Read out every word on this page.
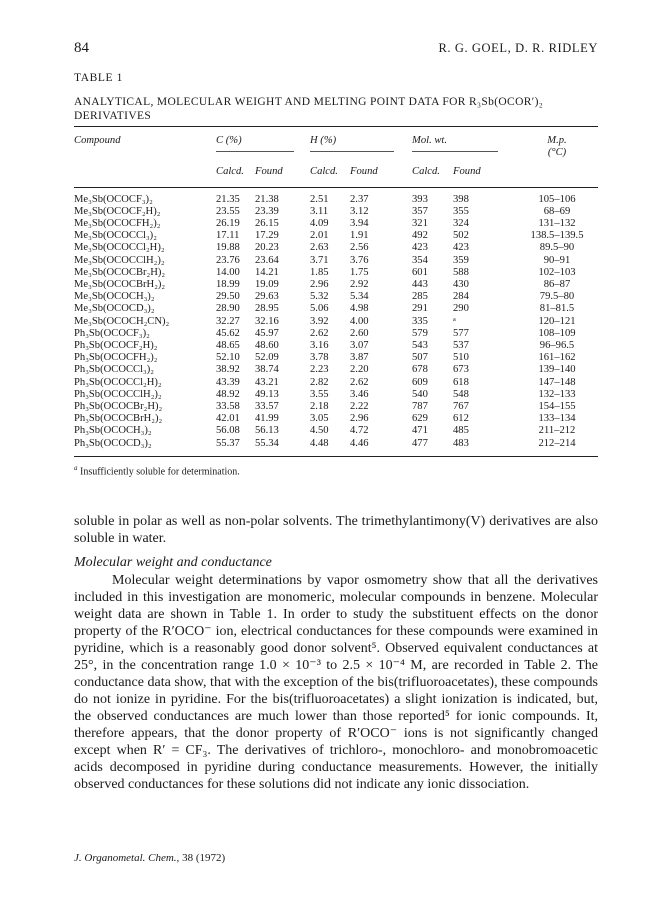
84	R. G. GOEL, D. R. RIDLEY
TABLE 1
ANALYTICAL, MOLECULAR WEIGHT AND MELTING POINT DATA FOR R₃Sb(OCOR′)₂ DERIVATIVES
Compound	C (%)		H (%)		Mol. wt.		M.p.
(°C)

	Calcd.	Found	Calcd.	Found	Calcd.	Found	
Me₃Sb(OCOCF₃)₂	21.35	21.38	2.51	2.37	393	398	105–106
Me₃Sb(OCOCF₂H)₂	23.55	23.39	3.11	3.12	357	355	68–69
Me₃Sb(OCOCFH₂)₂	26.19	26.15	4.09	3.94	321	324	131–132
Me₃Sb(OCOCCl₃)₂	17.11	17.29	2.01	1.91	492	502	138.5–139.5
Me₃Sb(OCOCCl₂H)₂	19.88	20.23	2.63	2.56	423	423	89.5–90
Me₃Sb(OCOCClH₂)₂	23.76	23.64	3.71	3.76	354	359	90–91
Me₃Sb(OCOCBr₂H)₂	14.00	14.21	1.85	1.75	601	588	102–103
Me₃Sb(OCOCBrH₂)₂	18.99	19.09	2.96	2.92	443	430	86–87
Me₃Sb(OCOCH₃)₂	29.50	29.63	5.32	5.34	285	284	79.5–80
Me₃Sb(OCOCD₃)₂	28.90	28.95	5.06	4.98	291	290	81–81.5
Me₃Sb(OCOCH₂CN)₂	32.27	32.16	3.92	4.00	335	ᵃ	120–121
Ph₃Sb(OCOCF₃)₂	45.62	45.97	2.62	2.60	579	577	108–109
Ph₃Sb(OCOCF₂H)₂	48.65	48.60	3.16	3.07	543	537	96–96.5
Ph₃Sb(OCOCFH₂)₂	52.10	52.09	3.78	3.87	507	510	161–162
Ph₃Sb(OCOCCl₃)₂	38.92	38.74	2.23	2.20	678	673	139–140
Ph₃Sb(OCOCCl₂H)₂	43.39	43.21	2.82	2.62	609	618	147–148
Ph₃Sb(OCOCClH₂)₂	48.92	49.13	3.55	3.46	540	548	132–133
Ph₃Sb(OCOCBr₂H)₂	33.58	33.57	2.18	2.22	787	767	154–155
Ph₃Sb(OCOCBrH₂)₂	42.01	41.99	3.05	2.96	629	612	133–134
Ph₃Sb(OCOCH₃)₂	56.08	56.13	4.50	4.72	471	485	211–212
Ph₃Sb(OCOCD₃)₂	55.37	55.34	4.48	4.46	477	483	212–214
$^a$ Insufficiently soluble for determination.
soluble in polar as well as non-polar solvents. The trimethylantimony(V) derivatives are also soluble in water.
Molecular weight and conductance
Molecular weight determinations by vapor osmometry show that all the derivatives included in this investigation are monomeric, molecular compounds in benzene. Molecular weight data are shown in Table 1. In order to study the substituent effects on the donor property of the R′OCO⁻ ion, electrical conductances for these compounds were examined in pyridine, which is a reasonably good donor solvent⁵. Observed equivalent conductances at 25°, in the concentration range 1.0 × 10⁻³ to 2.5 × 10⁻⁴ M, are recorded in Table 2. The conductance data show, that with the exception of the bis(trifluoroacetates), these compounds do not ionize in pyridine. For the bis(trifluoroacetates) a slight ionization is indicated, but, the observed conductances are much lower than those reported⁵ for ionic compounds. It, therefore appears, that the donor property of R′OCO⁻ ions is not significantly changed except when R′ = CF₃. The derivatives of trichloro-, monochloro- and monobromoacetic acids decomposed in pyridine during conductance measurements. However, the initially observed conductances for these solutions did not indicate any ionic dissociation.
J. Organometal. Chem., 38 (1972)
